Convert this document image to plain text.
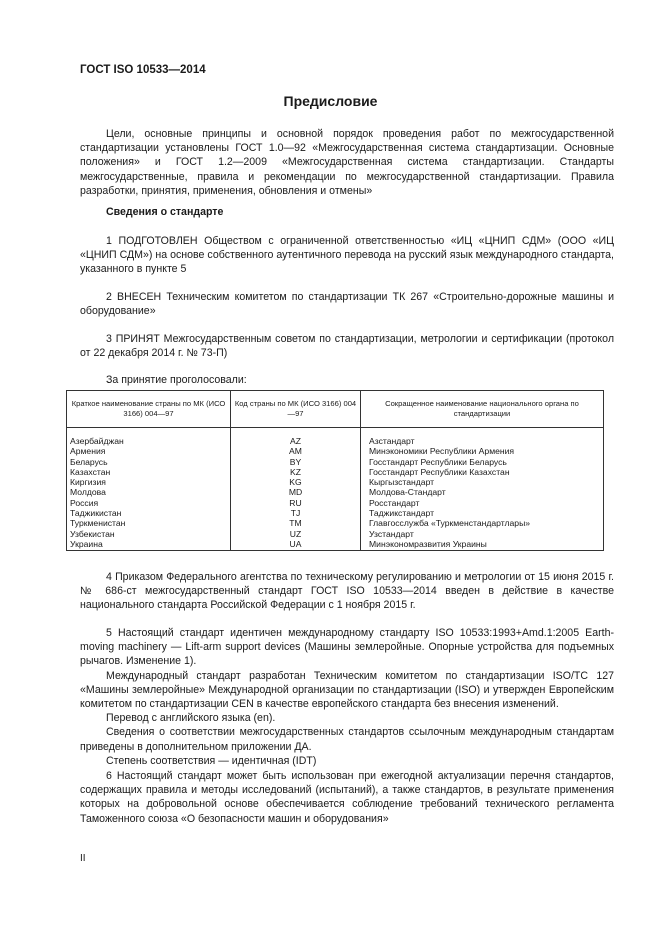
ГОСТ ISO 10533—2014
Предисловие

Цели, основные принципы и основной порядок проведения работ по межгосударственной стандартизации установлены ГОСТ 1.0—92 «Межгосударственная система стандартизации. Основные положения» и ГОСТ 1.2—2009 «Межгосударственная система стандартизации. Стандарты межгосударственные, правила и рекомендации по межгосударственной стандартизации. Правила разработки, принятия, применения, обновления и отмены»

Сведения о стандарте

1 ПОДГОТОВЛЕН Обществом с ограниченной ответственностью «ИЦ «ЦНИП СДМ» (ООО «ИЦ «ЦНИП СДМ») на основе собственного аутентичного перевода на русский язык международного стандарта, указанного в пункте 5

2 ВНЕСЕН Техническим комитетом по стандартизации ТК 267 «Строительно-дорожные машины и оборудование»

3 ПРИНЯТ Межгосударственным советом по стандартизации, метрологии и сертификации (протокол от 22 декабря 2014 г. № 73-П)

За принятие проголосовали:

Краткое наименование страны по МК (ИСО 3166) 004—97	Код страны по МК (ИСО 3166) 004—97	Сокращенное наименование национального органа по стандартизации
Азербайджан	AZ	Азстандарт
Армения	AM	Минэкономики Республики Армения
Беларусь	BY	Госстандарт Республики Беларусь
Казахстан	KZ	Госстандарт Республики Казахстан
Киргизия	KG	Кыргызстандарт
Молдова	MD	Молдова-Стандарт
Россия	RU	Росстандарт
Таджикистан	TJ	Таджикстандарт
Туркменистан	TM	Главгосслужба «Туркменстандартлары»
Узбекистан	UZ	Узстандарт
Украина	UA	Минэкономразвития Украины

4 Приказом Федерального агентства по техническому регулированию и метрологии от 15 июня 2015 г. № 686-ст межгосударственный стандарт ГОСТ ISO 10533—2014 введен в действие в качестве национального стандарта Российской Федерации с 1 ноября 2015 г.

5 Настоящий стандарт идентичен международному стандарту ISO 10533:1993+Amd.1:2005 Earth-moving machinery — Lift-arm support devices (Машины землеройные. Опорные устройства для подъемных рычагов. Изменение 1).

Международный стандарт разработан Техническим комитетом по стандартизации ISO/TC 127 «Машины землеройные» Международной организации по стандартизации (ISO) и утвержден Европейским комитетом по стандартизации CEN в качестве европейского стандарта без внесения изменений.

Перевод с английского языка (en).

Сведения о соответствии межгосударственных стандартов ссылочным международным стандартам приведены в дополнительном приложении ДА.

Степень соответствия — идентичная (IDT)

6 Настоящий стандарт может быть использован при ежегодной актуализации перечня стандартов, содержащих правила и методы исследований (испытаний), а также стандартов, в результате применения которых на добровольной основе обеспечивается соблюдение требований технического регламента Таможенного союза «О безопасности машин и оборудования»

II
